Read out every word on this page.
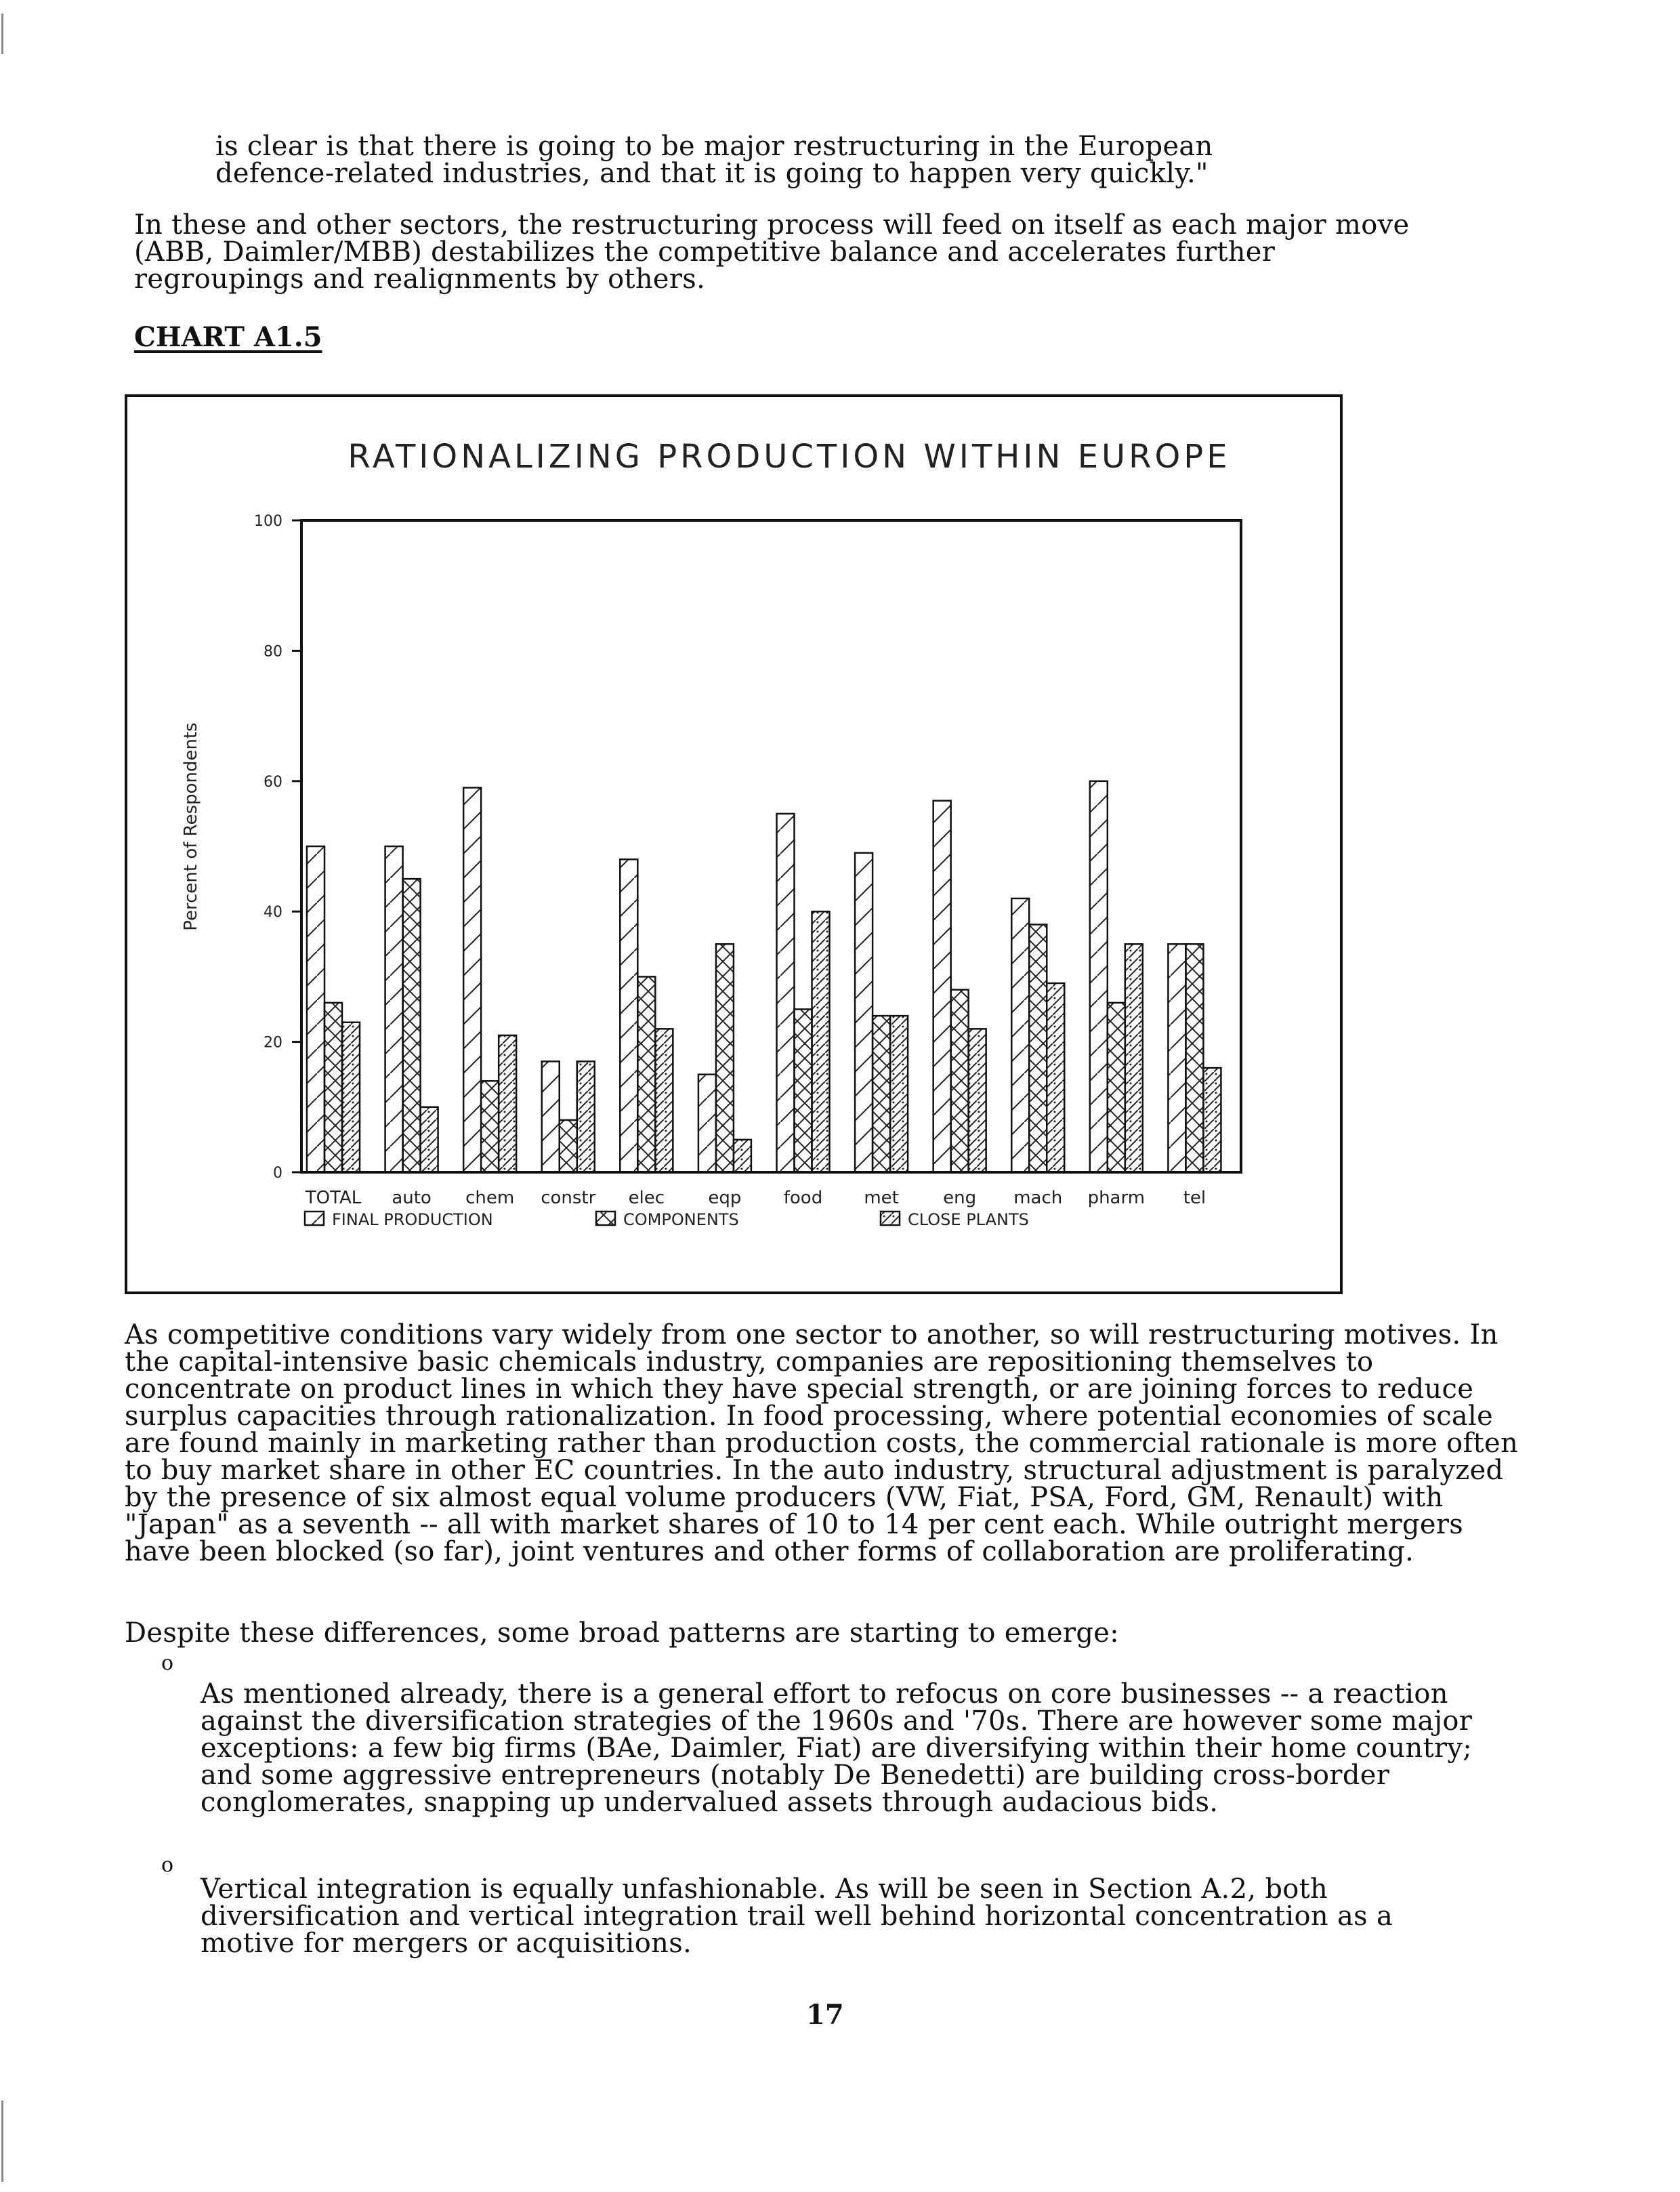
is clear is that there is going to be major restructuring in the European defence-related industries, and that it is going to happen very quickly."
In these and other sectors, the restructuring process will feed on itself as each major move (ABB, Daimler/MBB) destabilizes the competitive balance and accelerates further regroupings and realignments by others.
CHART A1.5
RATIONALIZING PRODUCTION WITHIN EUROPE
Percent of Respondents
0
20
40
60
80
100
TOTAL auto chem constr elec eqp food met	eng mach pharm tel
FINAL PRODUCTION	COMPONENTS	CLOSE PLANTS
As competitive conditions vary widely from one sector to another, so will restructuring motives. In the capital-intensive basic chemicals industry, companies are repositioning themselves to concentrate on product lines in which they have special strength, or are joining forces to reduce surplus capacities through rationalization. In food processing, where potential economies of scale are found mainly in marketing rather than production costs, the commercial rationale is more often to buy market share in other EC countries. In the auto industry, structural adjustment is paralyzed by the presence of six almost equal volume producers (VW, Fiat, PSA, Ford, GM, Renault) with "Japan" as a seventh -- all with market shares of 10 to 14 per cent each. While outright mergers have been blocked (so far), joint ventures and other forms of collaboration are proliferating.
Despite these differences, some broad patterns are starting to emerge:
o
As mentioned already, there is a general effort to refocus on core businesses -- a reaction against the diversification strategies of the 1960s and '70s. There are however some major exceptions: a few big firms (BAe, Daimler, Fiat) are diversifying within their home country; and some aggressive entrepreneurs (notably De Benedetti) are building cross-border conglomerates, snapping up undervalued assets through audacious bids.
o
Vertical integration is equally unfashionable. As will be seen in Section A.2, both diversification and vertical integration trail well behind horizontal concentration as a motive for mergers or acquisitions.
17
